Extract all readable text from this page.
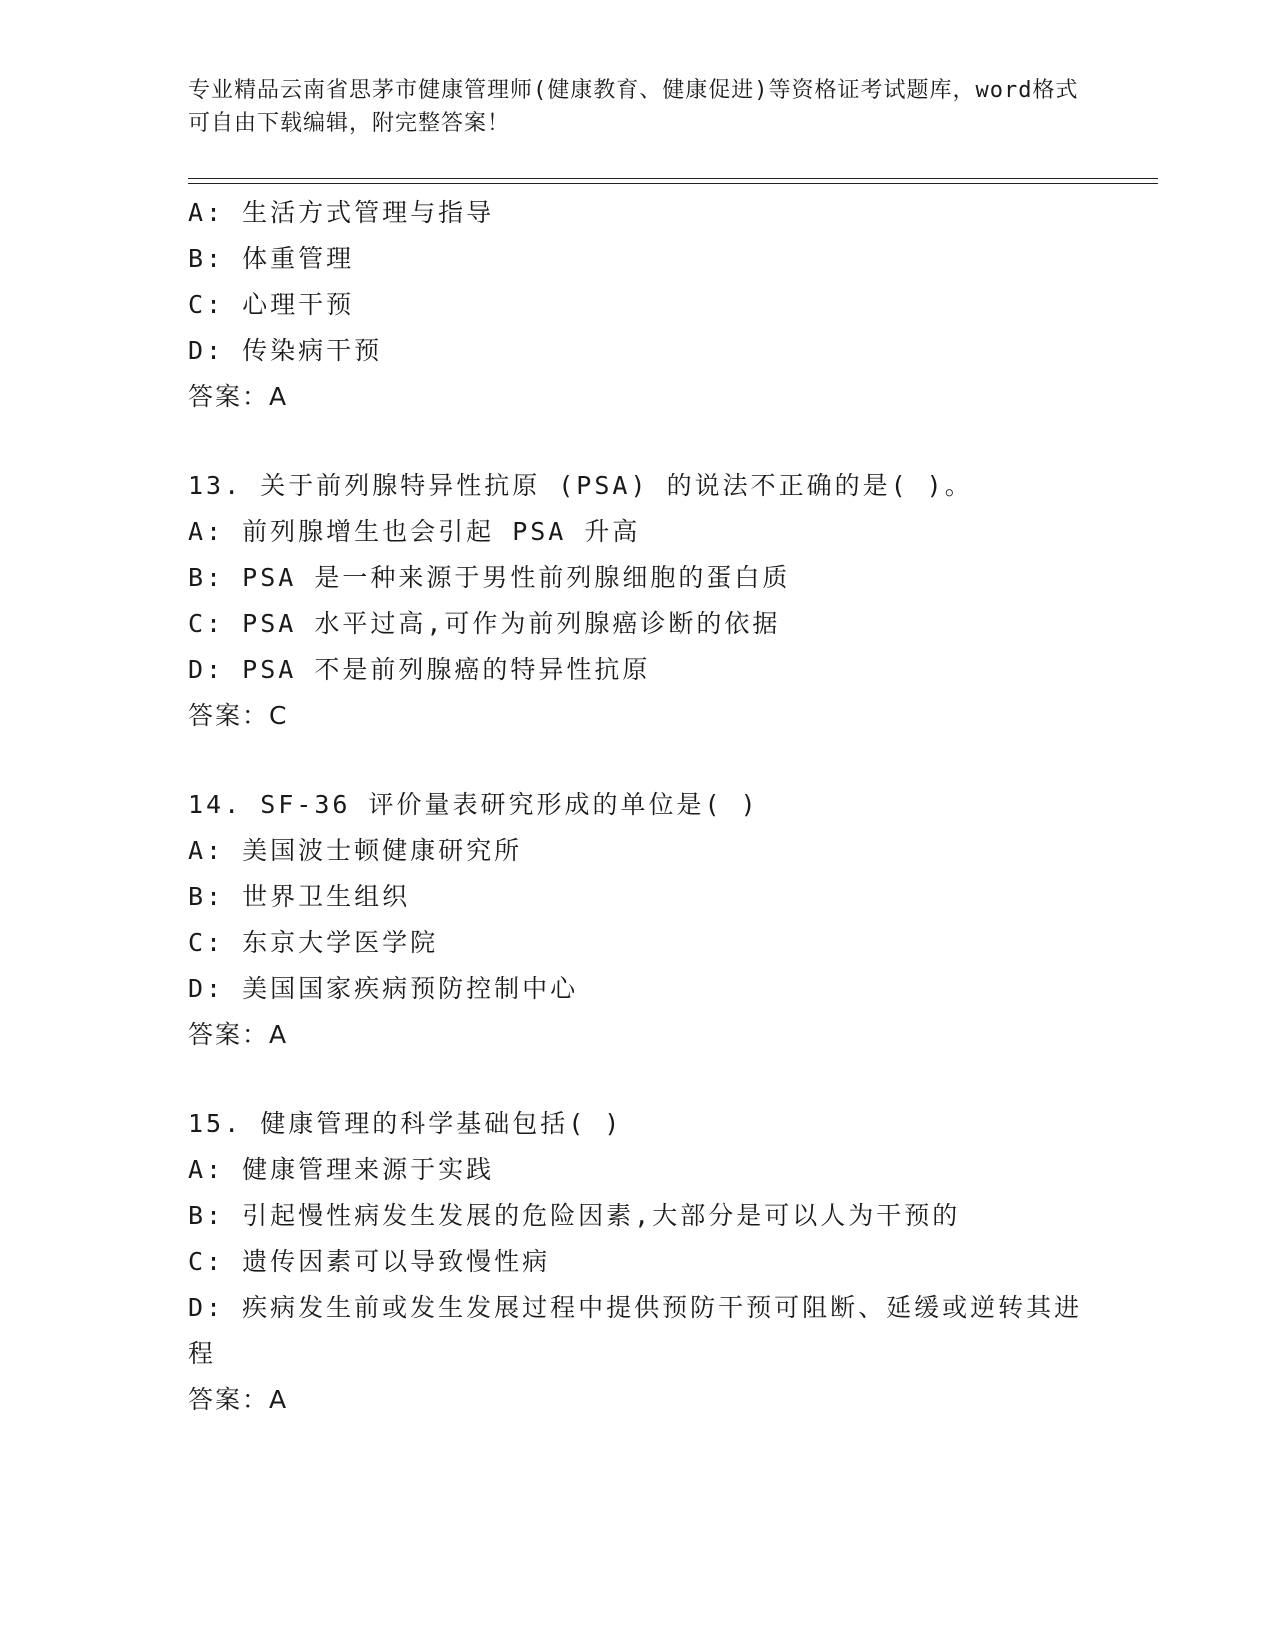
专业精品云南省思茅市健康管理师(健康教育、健康促进)等资格证考试题库，word格式可自由下载编辑，附完整答案！
A: 生活方式管理与指导
B: 体重管理
C: 心理干预
D: 传染病干预
答案：A
13. 关于前列腺特异性抗原 (PSA) 的说法不正确的是( )。
A: 前列腺增生也会引起 PSA 升高
B: PSA 是一种来源于男性前列腺细胞的蛋白质
C: PSA 水平过高,可作为前列腺癌诊断的依据
D: PSA 不是前列腺癌的特异性抗原
答案：C
14. SF-36 评价量表研究形成的单位是( )
A: 美国波士顿健康研究所
B: 世界卫生组织
C: 东京大学医学院
D: 美国国家疾病预防控制中心
答案：A
15. 健康管理的科学基础包括( )
A: 健康管理来源于实践
B: 引起慢性病发生发展的危险因素,大部分是可以人为干预的
C: 遗传因素可以导致慢性病
D: 疾病发生前或发生发展过程中提供预防干预可阻断、延缓或逆转其进程
答案：A
